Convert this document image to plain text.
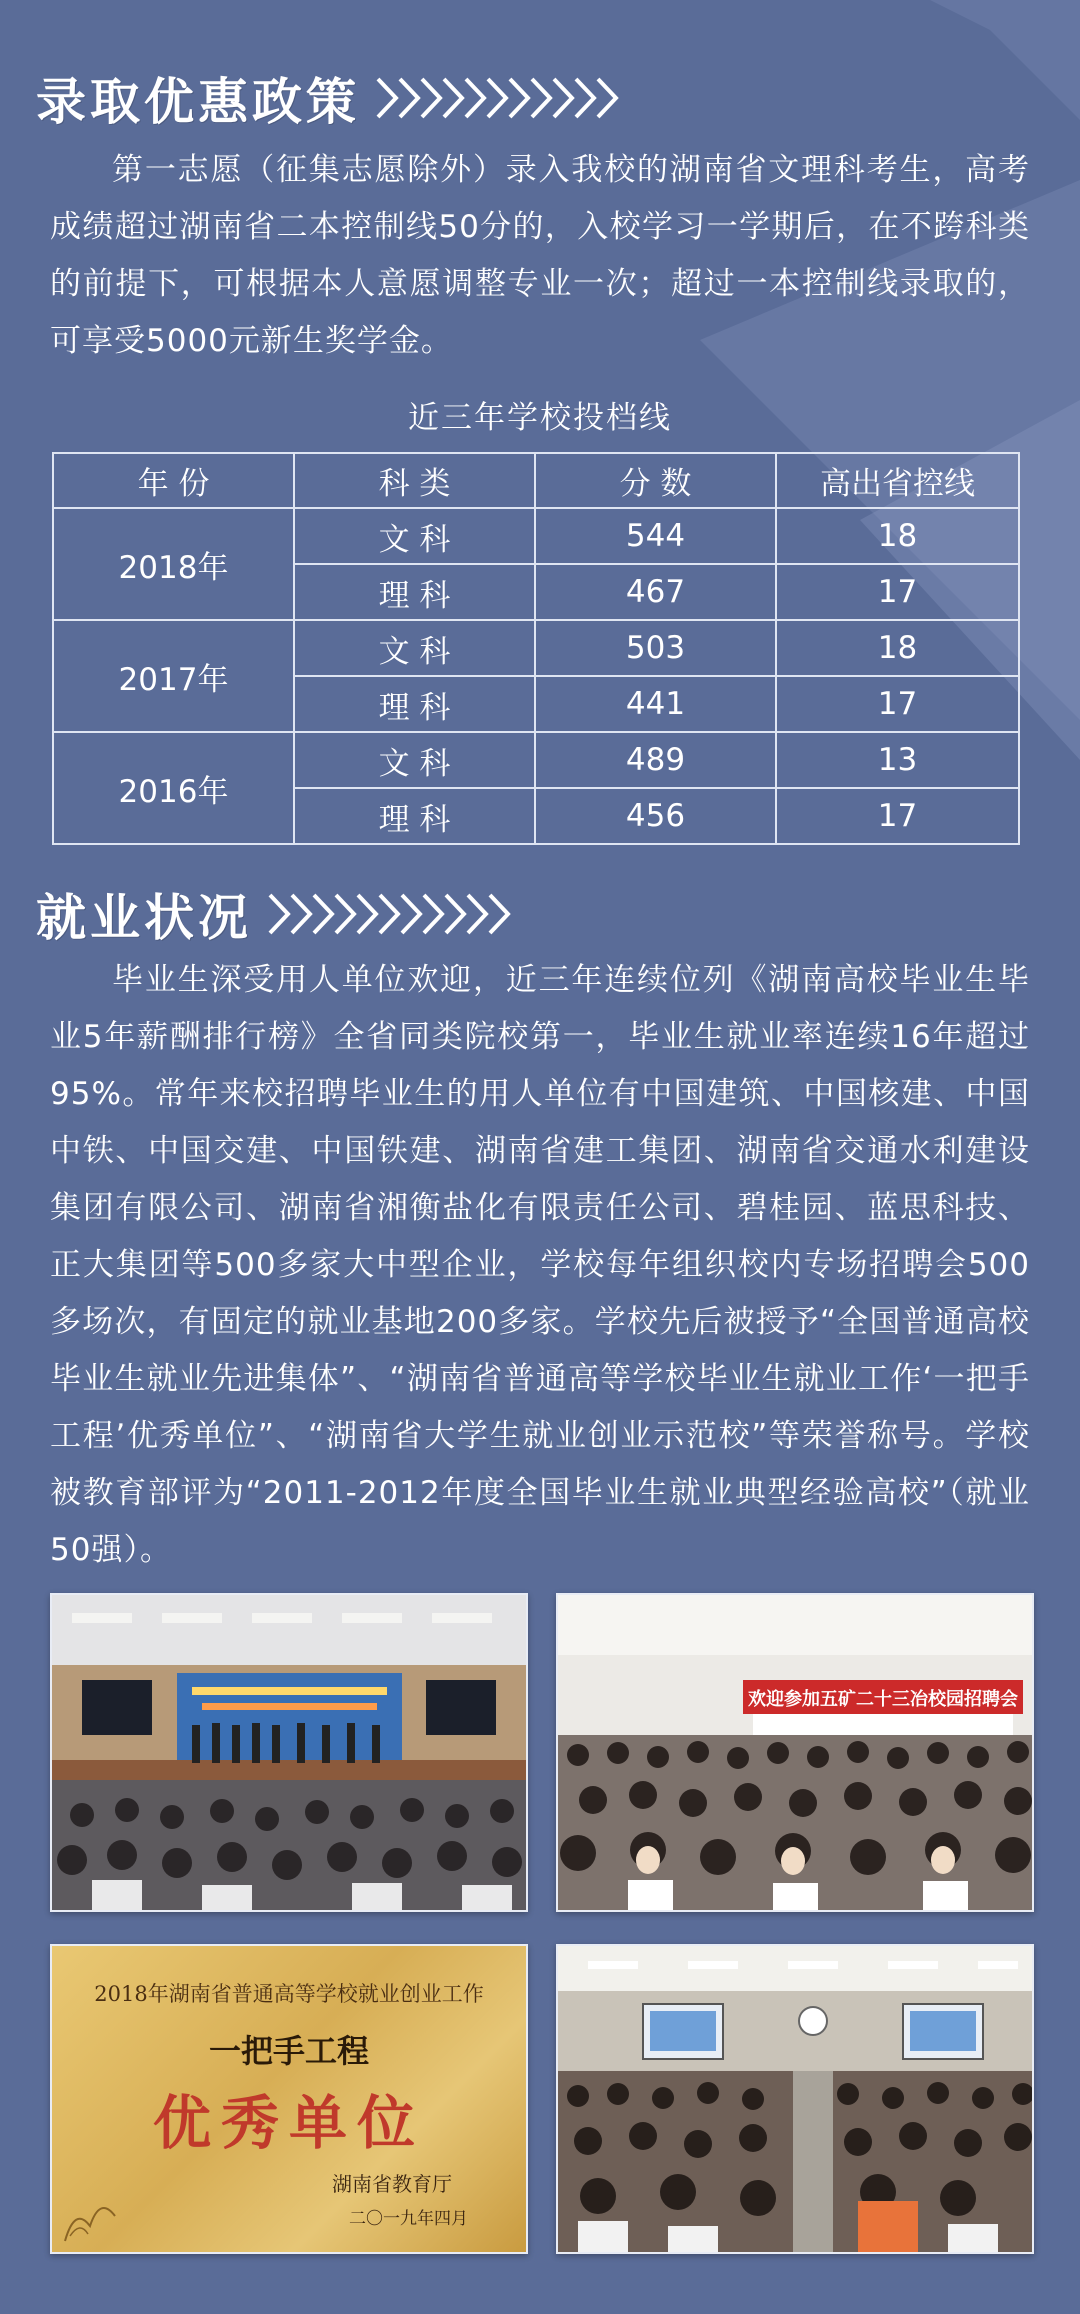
录取优惠政策

第一志愿（征集志愿除外）录入我校的湖南省文理科考生，高考成绩超过湖南省二本控制线50分的，入校学习一学期后，在不跨科类的前提下，可根据本人意愿调整专业一次；超过一本控制线录取的，可享受5000元新生奖学金。

近三年学校投档线
年 份	科 类	分 数	高出省控线
2018年	文 科	544	18
	理 科	467	17
2017年	文 科	503	18
	理 科	441	17
2016年	文 科	489	13
	理 科	456	17
就业状况

毕业生深受用人单位欢迎，近三年连续位列《湖南高校毕业生毕业5年薪酬排行榜》全省同类院校第一，毕业生就业率连续16年超过95%。常年来校招聘毕业生的用人单位有中国建筑、中国核建、中国中铁、中国交建、中国铁建、湖南省建工集团、湖南省交通水利建设集团有限公司、湖南省湘衡盐化有限责任公司、碧桂园、蓝思科技、正大集团等500多家大中型企业，学校每年组织校内专场招聘会500多场次，有固定的就业基地200多家。学校先后被授予“全国普通高校毕业生就业先进集体”、“湖南省普通高等学校毕业生就业工作‘一把手工程’优秀单位”、“湖南省大学生就业创业示范校”等荣誉称号。学校被教育部评为“2011-2012年度全国毕业生就业典型经验高校”（就业50强）。

欢迎参加五矿二十三冶校园招聘会
2018年湖南省普通高等学校就业创业工作
一把手工程
优秀单位
湖南省教育厅
二〇一九年四月
